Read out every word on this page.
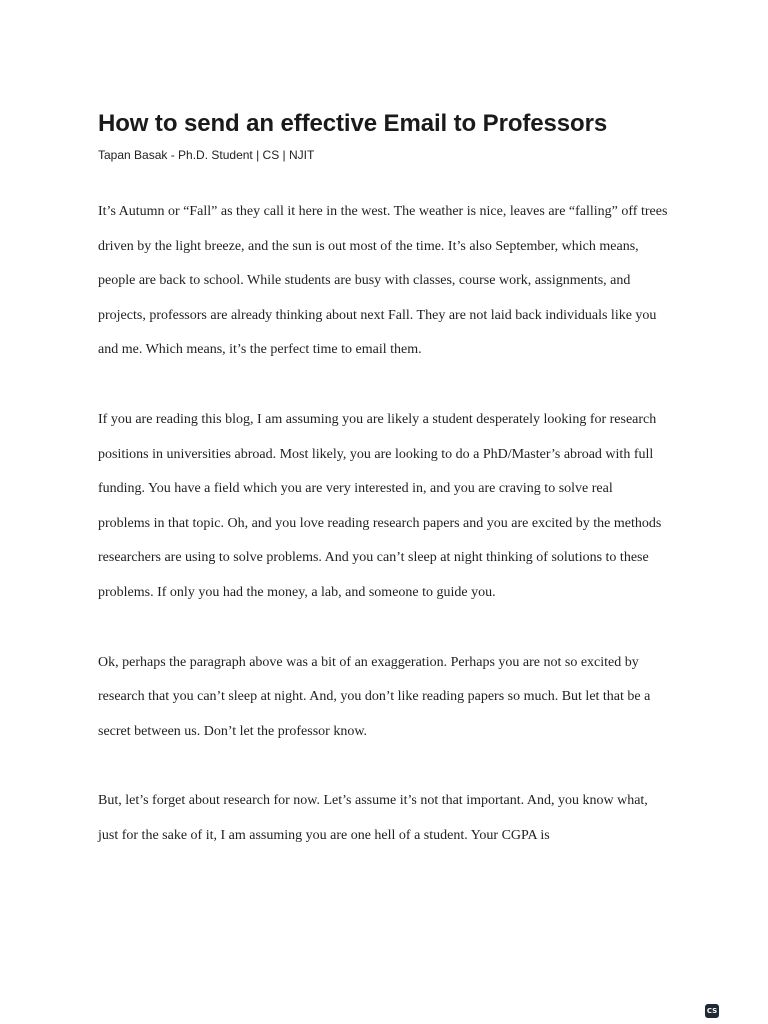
How to send an effective Email to Professors

Tapan Basak - Ph.D. Student | CS | NJIT

It’s Autumn or “Fall” as they call it here in the west. The weather is nice, leaves are “falling” off trees driven by the light breeze, and the sun is out most of the time. It’s also September, which means, people are back to school. While students are busy with classes, course work, assignments, and projects, professors are already thinking about next Fall. They are not laid back individuals like you and me. Which means, it’s the perfect time to email them.

If you are reading this blog, I am assuming you are likely a student desperately looking for research positions in universities abroad. Most likely, you are looking to do a PhD/Master’s abroad with full funding. You have a field which you are very interested in, and you are craving to solve real problems in that topic. Oh, and you love reading research papers and you are excited by the methods researchers are using to solve problems. And you can’t sleep at night thinking of solutions to these problems. If only you had the money, a lab, and someone to guide you.

Ok, perhaps the paragraph above was a bit of an exaggeration. Perhaps you are not so excited by research that you can’t sleep at night. And, you don’t like reading papers so much. But let that be a secret between us. Don’t let the professor know.

But, let’s forget about research for now. Let’s assume it’s not that important. And, you know what, just for the sake of it, I am assuming you are one hell of a student. Your CGPA is

CS
